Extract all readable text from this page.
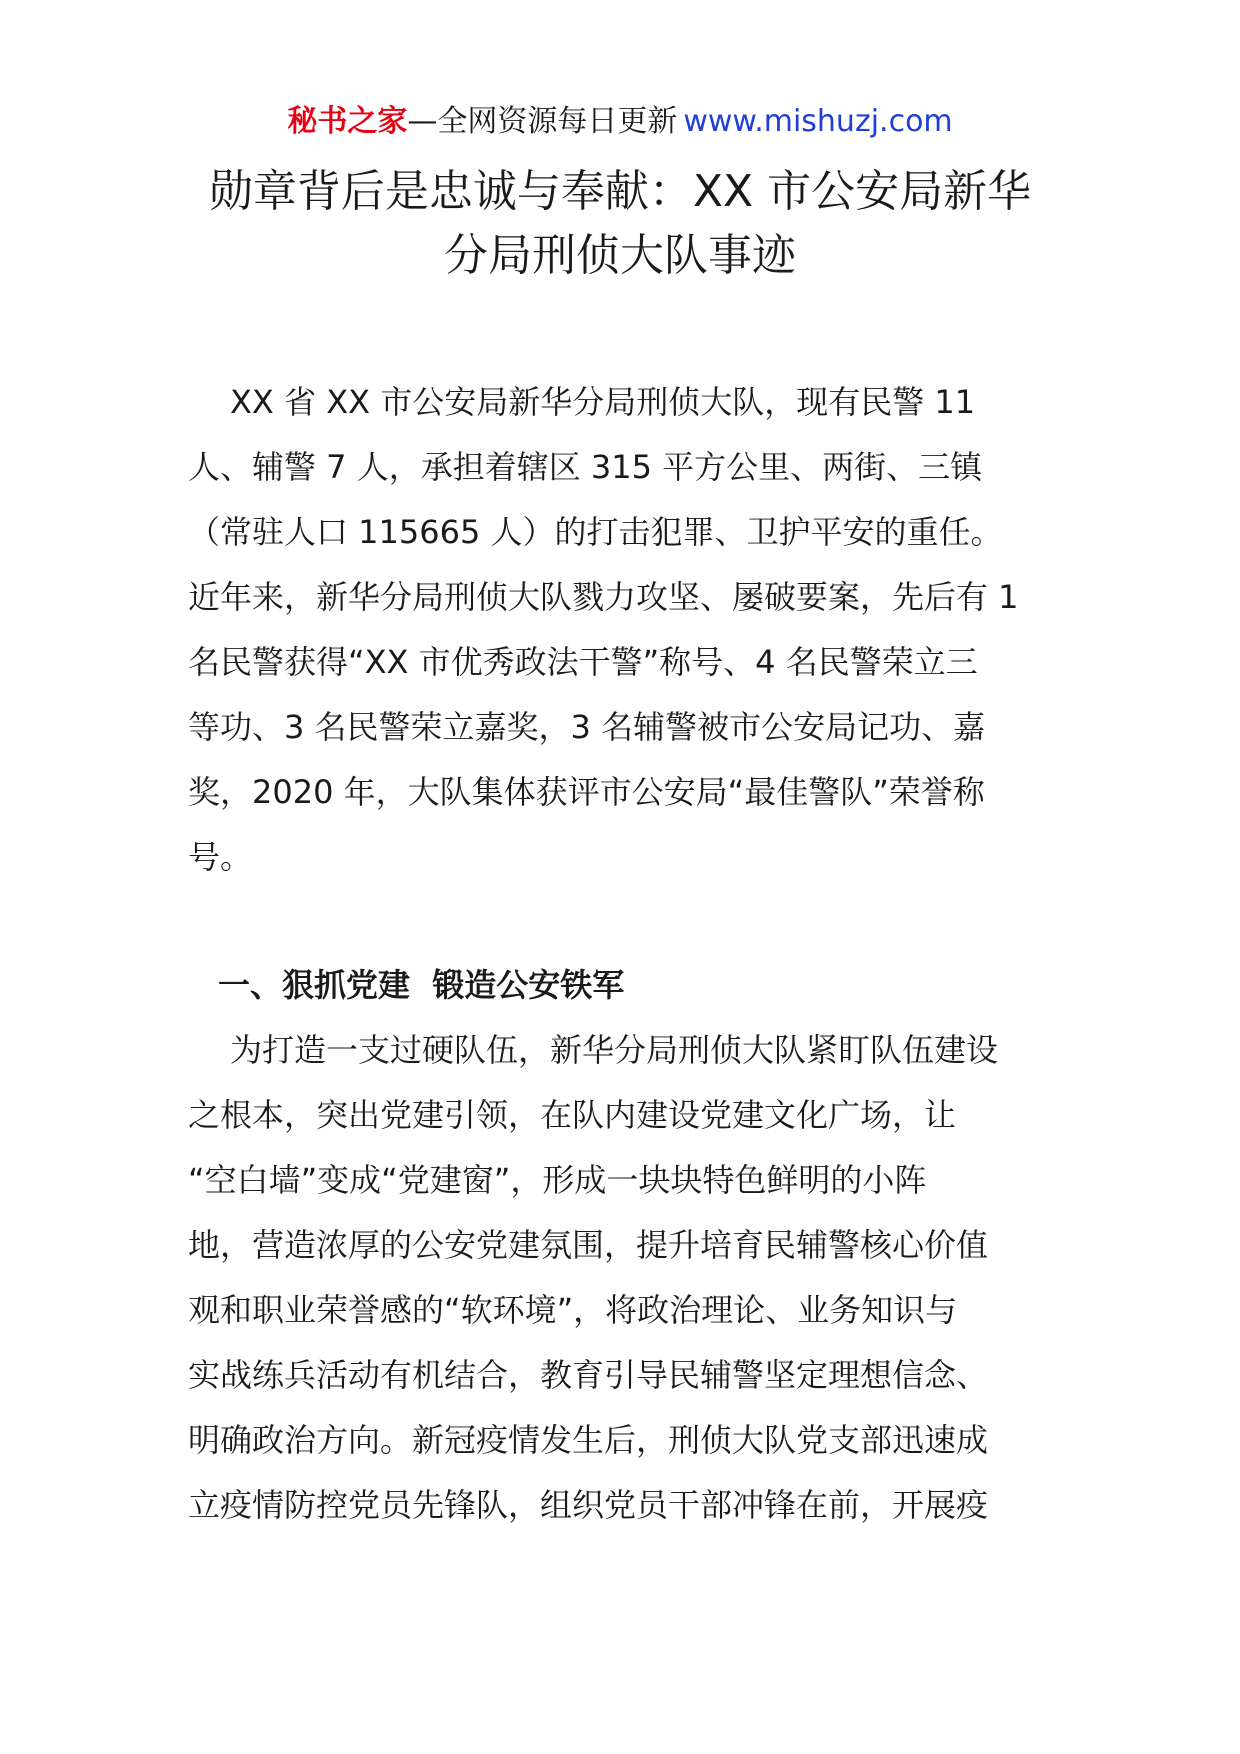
秘书之家—全网资源每日更新 www.mishuzj.com
勋章背后是忠诚与奉献：XX 市公安局新华
分局刑侦大队事迹
XX 省 XX 市公安局新华分局刑侦大队，现有民警 11
人、辅警 7 人，承担着辖区 315 平方公里、两街、三镇
（常驻人口 115665 人）的打击犯罪、卫护平安的重任。
近年来，新华分局刑侦大队戮力攻坚、屡破要案，先后有 1
名民警获得“XX 市优秀政法干警”称号、4 名民警荣立三
等功、3 名民警荣立嘉奖，3 名辅警被市公安局记功、嘉
奖，2020 年，大队集体获评市公安局“最佳警队”荣誉称
号。
一、狠抓党建  锻造公安铁军
为打造一支过硬队伍，新华分局刑侦大队紧盯队伍建设
之根本，突出党建引领，在队内建设党建文化广场，让
“空白墙”变成“党建窗”，形成一块块特色鲜明的小阵
地，营造浓厚的公安党建氛围，提升培育民辅警核心价值
观和职业荣誉感的“软环境”，将政治理论、业务知识与
实战练兵活动有机结合，教育引导民辅警坚定理想信念、
明确政治方向。新冠疫情发生后，刑侦大队党支部迅速成
立疫情防控党员先锋队，组织党员干部冲锋在前，开展疫
